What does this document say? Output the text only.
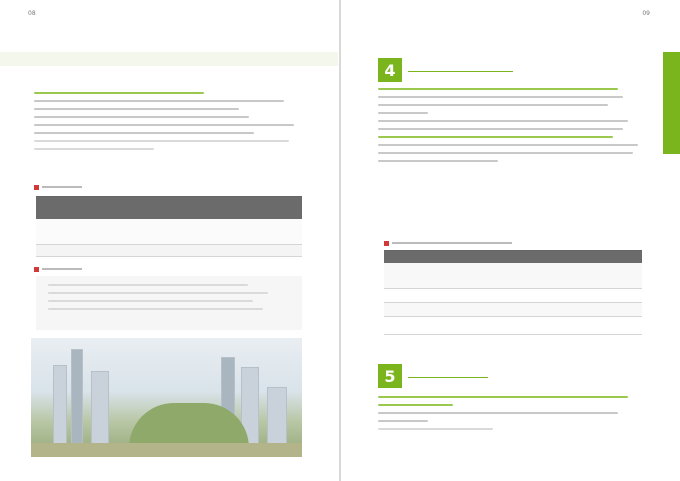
08	09
4
5
